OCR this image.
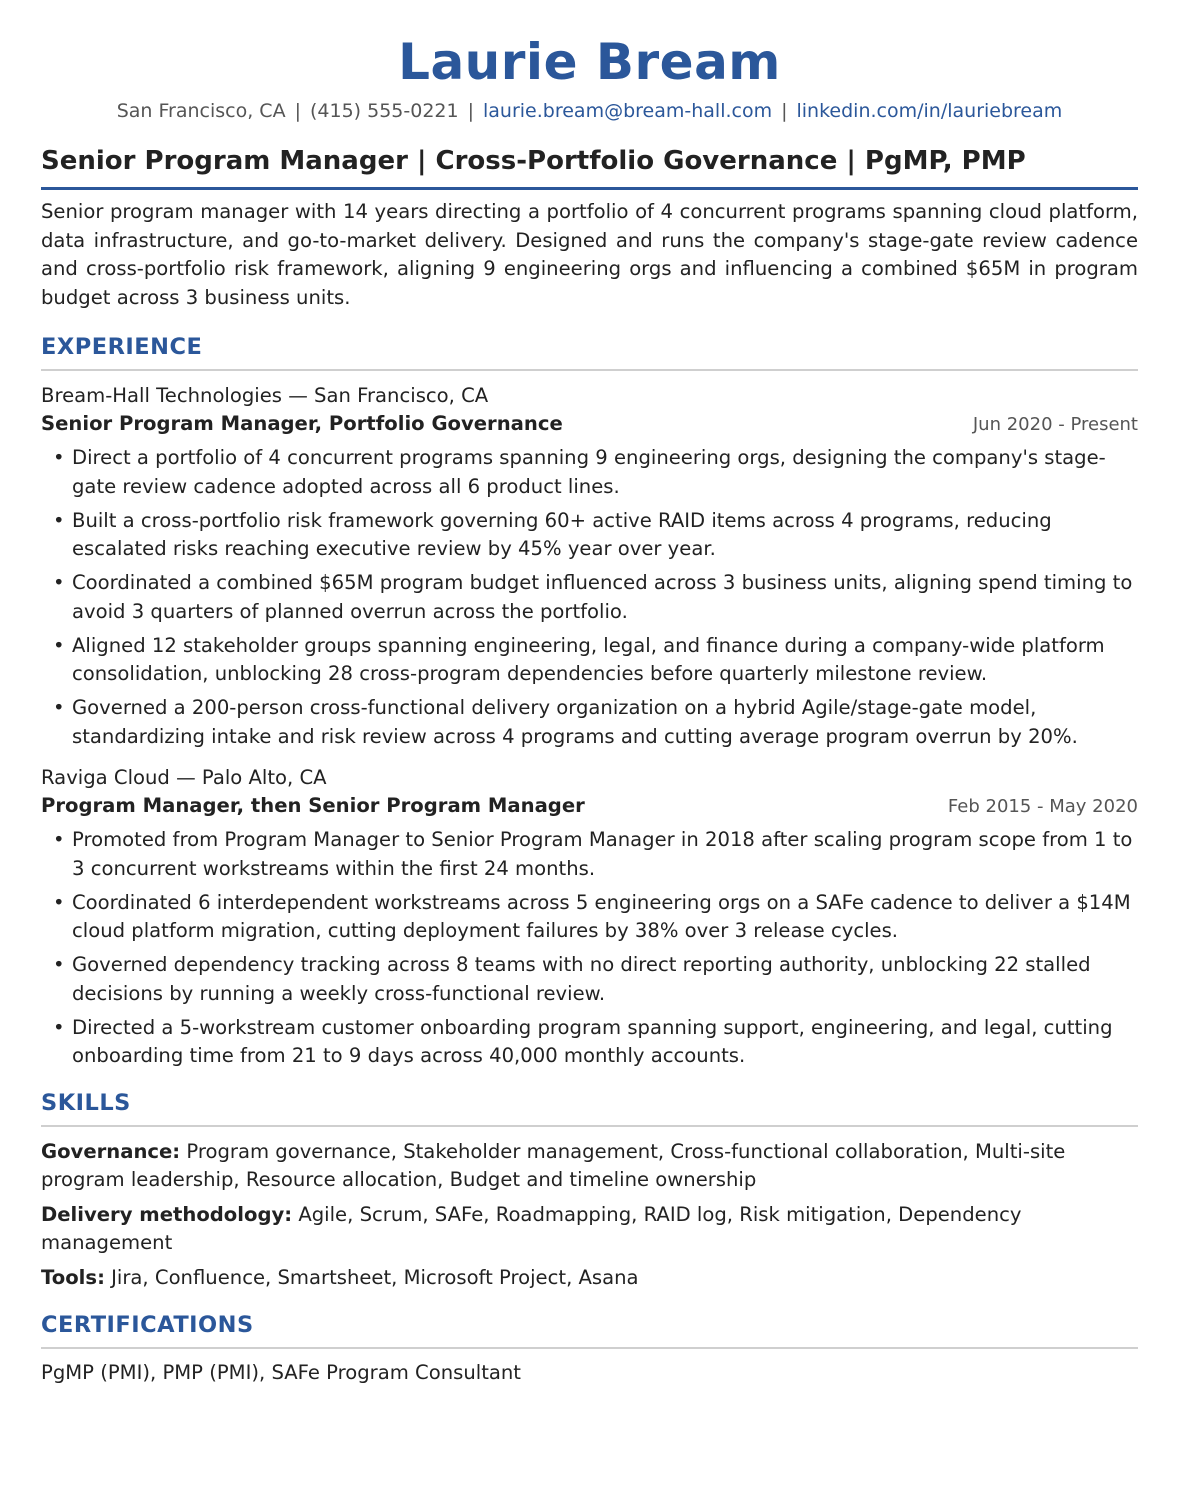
Laurie Bream
San Francisco, CA | (415) 555-0221 | laurie.bream@bream-hall.com | linkedin.com/in/lauriebream
Senior Program Manager | Cross-Portfolio Governance | PgMP, PMP
Senior program manager with 14 years directing a portfolio of 4 concurrent programs spanning cloud platform, data infrastructure, and go-to-market delivery. Designed and runs the company's stage-gate review cadence and cross-portfolio risk framework, aligning 9 engineering orgs and influencing a combined $65M in program budget across 3 business units.
EXPERIENCE
Bream-Hall Technologies — San Francisco, CA
Senior Program Manager, Portfolio Governance	Jun 2020 - Present
• Direct a portfolio of 4 concurrent programs spanning 9 engineering orgs, designing the company's stage-gate review cadence adopted across all 6 product lines.
• Built a cross-portfolio risk framework governing 60+ active RAID items across 4 programs, reducing escalated risks reaching executive review by 45% year over year.
• Coordinated a combined $65M program budget influenced across 3 business units, aligning spend timing to avoid 3 quarters of planned overrun across the portfolio.
• Aligned 12 stakeholder groups spanning engineering, legal, and finance during a company-wide platform consolidation, unblocking 28 cross-program dependencies before quarterly milestone review.
• Governed a 200-person cross-functional delivery organization on a hybrid Agile/stage-gate model, standardizing intake and risk review across 4 programs and cutting average program overrun by 20%.
Raviga Cloud — Palo Alto, CA
Program Manager, then Senior Program Manager	Feb 2015 - May 2020
• Promoted from Program Manager to Senior Program Manager in 2018 after scaling program scope from 1 to 3 concurrent workstreams within the first 24 months.
• Coordinated 6 interdependent workstreams across 5 engineering orgs on a SAFe cadence to deliver a $14M cloud platform migration, cutting deployment failures by 38% over 3 release cycles.
• Governed dependency tracking across 8 teams with no direct reporting authority, unblocking 22 stalled decisions by running a weekly cross-functional review.
• Directed a 5-workstream customer onboarding program spanning support, engineering, and legal, cutting onboarding time from 21 to 9 days across 40,000 monthly accounts.
SKILLS
Governance: Program governance, Stakeholder management, Cross-functional collaboration, Multi-site program leadership, Resource allocation, Budget and timeline ownership
Delivery methodology: Agile, Scrum, SAFe, Roadmapping, RAID log, Risk mitigation, Dependency management
Tools: Jira, Confluence, Smartsheet, Microsoft Project, Asana
CERTIFICATIONS
PgMP (PMI), PMP (PMI), SAFe Program Consultant
